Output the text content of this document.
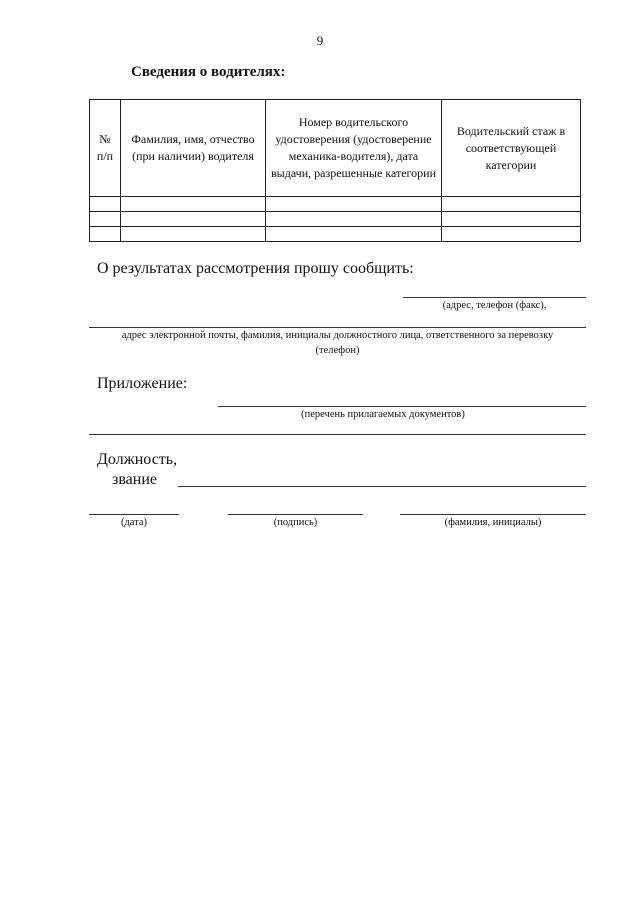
9
Сведения о водителях:
№ п/п	Фамилия, имя, отчество (при наличии) водителя	Номер водительского удостоверения (удостоверение механика-водителя), дата выдачи, разрешенные категории	Водительский стаж в соответствующей категории

О результатах рассмотрения прошу сообщить:
(адрес, телефон (факс),
адрес электронной почты, фамилия, инициалы должностного лица, ответственного за перевозку
(телефон)
Приложение:
(перечень прилагаемых документов)
Должность,
звание
(дата)	(подпись)	(фамилия, инициалы)
